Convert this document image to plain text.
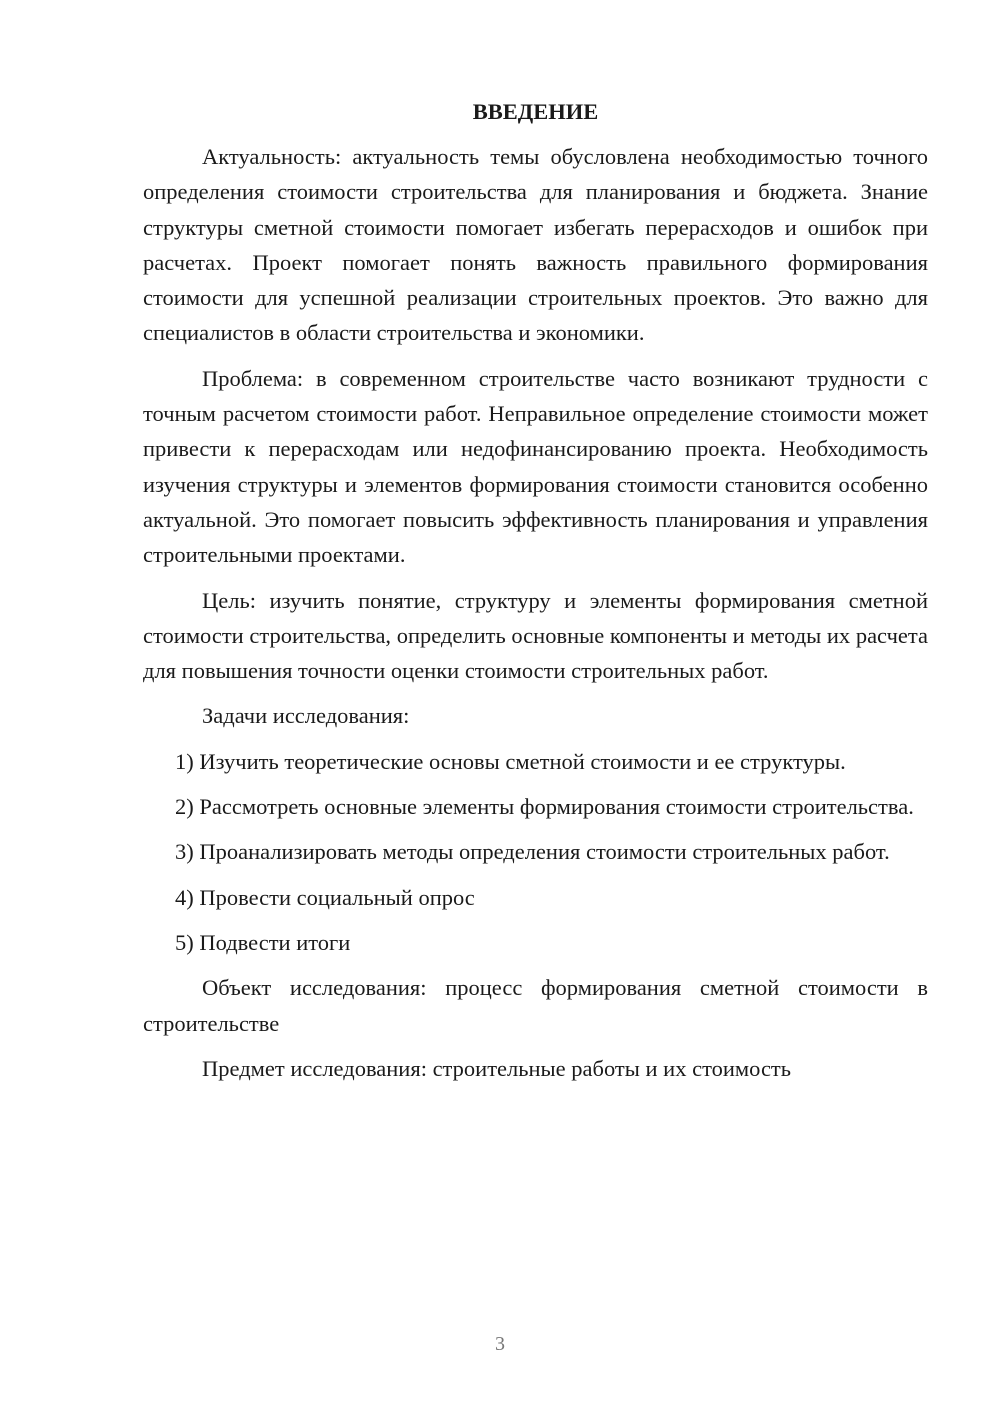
ВВЕДЕНИЕ

Актуальность: актуальность темы обусловлена необходимостью точного определения стоимости строительства для планирования и бюджета. Знание структуры сметной стоимости помогает избегать перерасходов и ошибок при расчетах. Проект помогает понять важность правильного формирования стоимости для успешной реализации строительных проектов. Это важно для специалистов в области строительства и экономики.

Проблема: в современном строительстве часто возникают трудности с точным расчетом стоимости работ. Неправильное определение стоимости может привести к перерасходам или недофинансированию проекта. Необходимость изучения структуры и элементов формирования стоимости становится особенно актуальной. Это помогает повысить эффективность планирования и управления строительными проектами.

Цель: изучить понятие, структуру и элементы формирования сметной стоимости строительства, определить основные компоненты и методы их расчета для повышения точности оценки стоимости строительных работ.

Задачи исследования:

1) Изучить теоретические основы сметной стоимости и ее структуры.

2) Рассмотреть основные элементы формирования стоимости строительства.

3) Проанализировать методы определения стоимости строительных работ.

4) Провести социальный опрос

5) Подвести итоги

Объект исследования: процесс формирования сметной стоимости в строительстве

Предмет исследования: строительные работы и их стоимость

3
